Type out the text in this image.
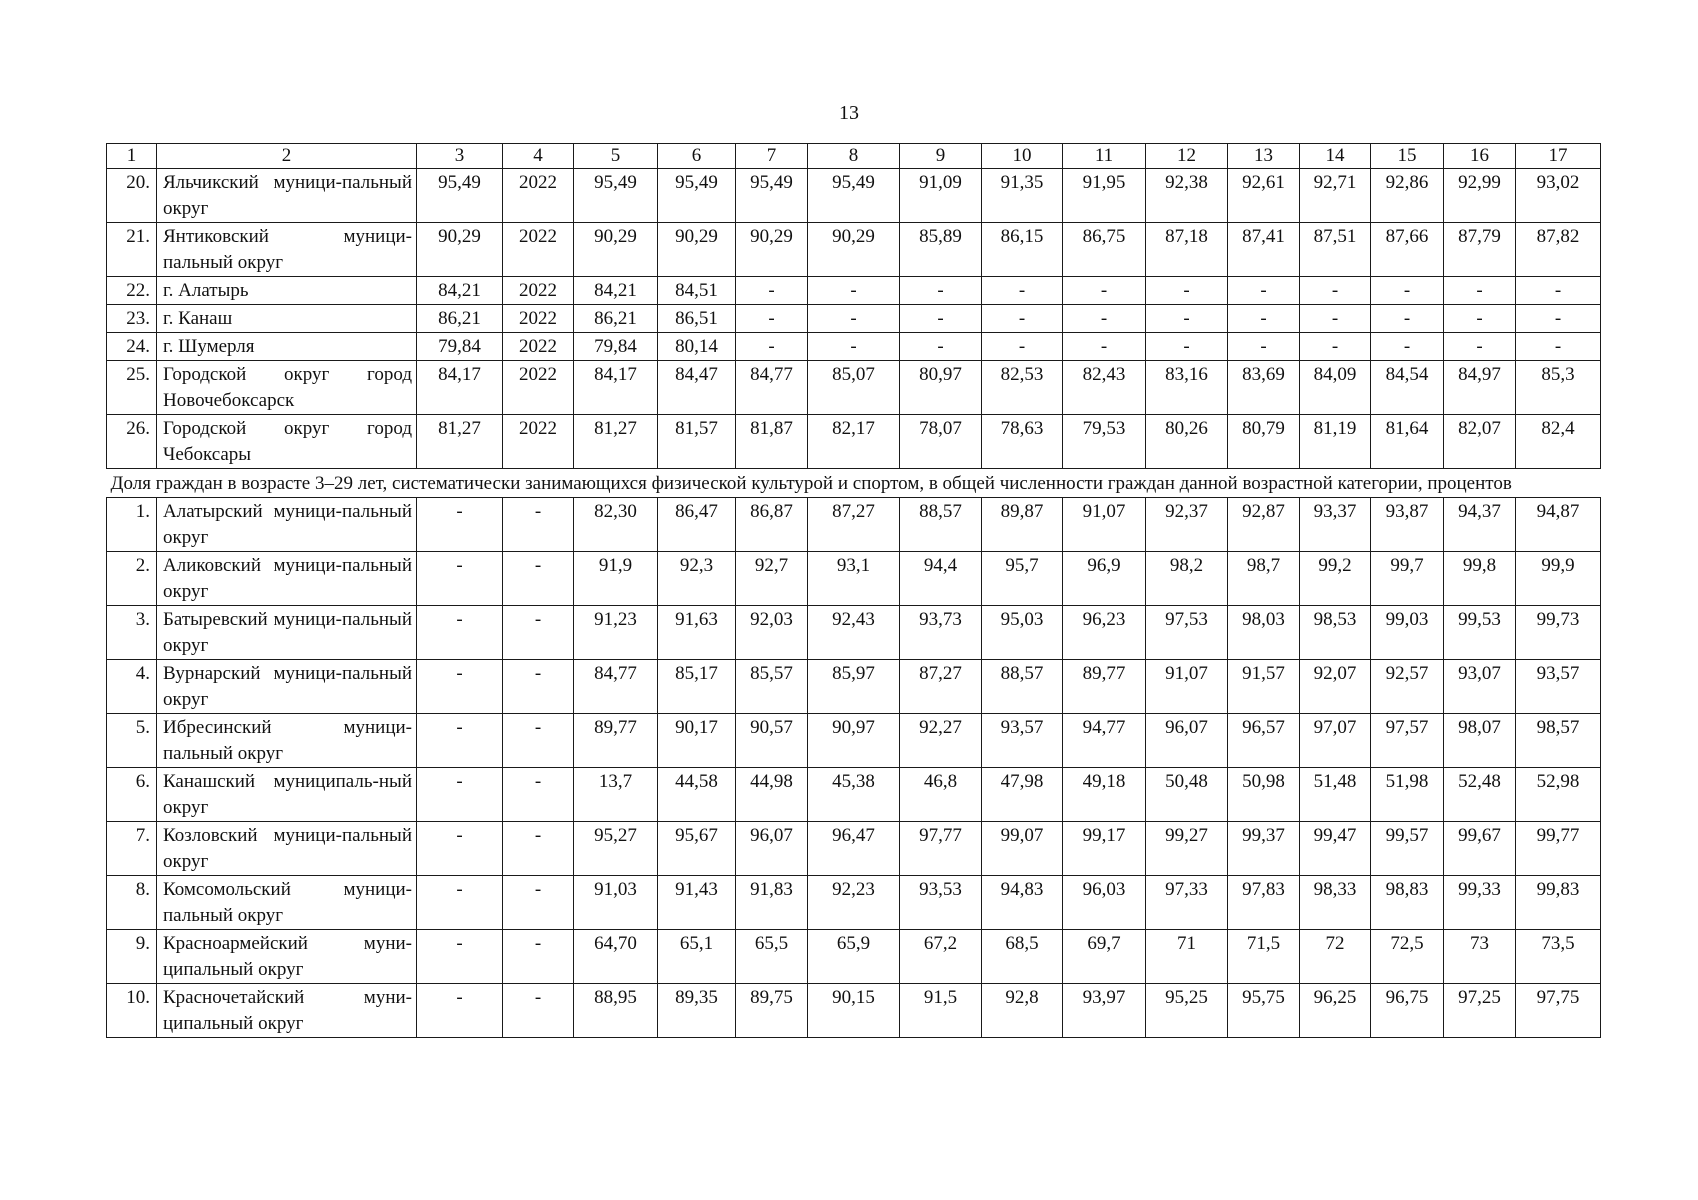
13
1	2	3	4	5	6	7	8	9	10	11	12	13	14	15	16	17
20.	Яльчикский муници-пальный округ	95,49	2022	95,49	95,49	95,49	95,49	91,09	91,35	91,95	92,38	92,61	92,71	92,86	92,99	93,02
21.	Янтиковский муници-пальный округ	90,29	2022	90,29	90,29	90,29	90,29	85,89	86,15	86,75	87,18	87,41	87,51	87,66	87,79	87,82
22.	г. Алатырь	84,21	2022	84,21	84,51	-	-	-	-	-	-	-	-	-	-	-
23.	г. Канаш	86,21	2022	86,21	86,51	-	-	-	-	-	-	-	-	-	-	-
24.	г. Шумерля	79,84	2022	79,84	80,14	-	-	-	-	-	-	-	-	-	-	-
25.	Городской округ город Новочебоксарск	84,17	2022	84,17	84,47	84,77	85,07	80,97	82,53	82,43	83,16	83,69	84,09	84,54	84,97	85,3
26.	Городской округ город Чебоксары	81,27	2022	81,27	81,57	81,87	82,17	78,07	78,63	79,53	80,26	80,79	81,19	81,64	82,07	82,4
Доля граждан в возрасте 3–29 лет, систематически занимающихся физической культурой и спортом, в общей численности граждан данной возрастной категории, процентов																
1.	Алатырский муници-пальный округ	-	-	82,30	86,47	86,87	87,27	88,57	89,87	91,07	92,37	92,87	93,37	93,87	94,37	94,87
2.	Аликовский муници-пальный округ	-	-	91,9	92,3	92,7	93,1	94,4	95,7	96,9	98,2	98,7	99,2	99,7	99,8	99,9
3.	Батыревский муници-пальный округ	-	-	91,23	91,63	92,03	92,43	93,73	95,03	96,23	97,53	98,03	98,53	99,03	99,53	99,73
4.	Вурнарский муници-пальный округ	-	-	84,77	85,17	85,57	85,97	87,27	88,57	89,77	91,07	91,57	92,07	92,57	93,07	93,57
5.	Ибресинский муници-пальный округ	-	-	89,77	90,17	90,57	90,97	92,27	93,57	94,77	96,07	96,57	97,07	97,57	98,07	98,57
6.	Канашский муниципаль-ный округ	-	-	13,7	44,58	44,98	45,38	46,8	47,98	49,18	50,48	50,98	51,48	51,98	52,48	52,98
7.	Козловский муници-пальный округ	-	-	95,27	95,67	96,07	96,47	97,77	99,07	99,17	99,27	99,37	99,47	99,57	99,67	99,77
8.	Комсомольский муници-пальный округ	-	-	91,03	91,43	91,83	92,23	93,53	94,83	96,03	97,33	97,83	98,33	98,83	99,33	99,83
9.	Красноармейский муни-ципальный округ	-	-	64,70	65,1	65,5	65,9	67,2	68,5	69,7	71	71,5	72	72,5	73	73,5
10.	Красночетайский муни-ципальный округ	-	-	88,95	89,35	89,75	90,15	91,5	92,8	93,97	95,25	95,75	96,25	96,75	97,25	97,75
